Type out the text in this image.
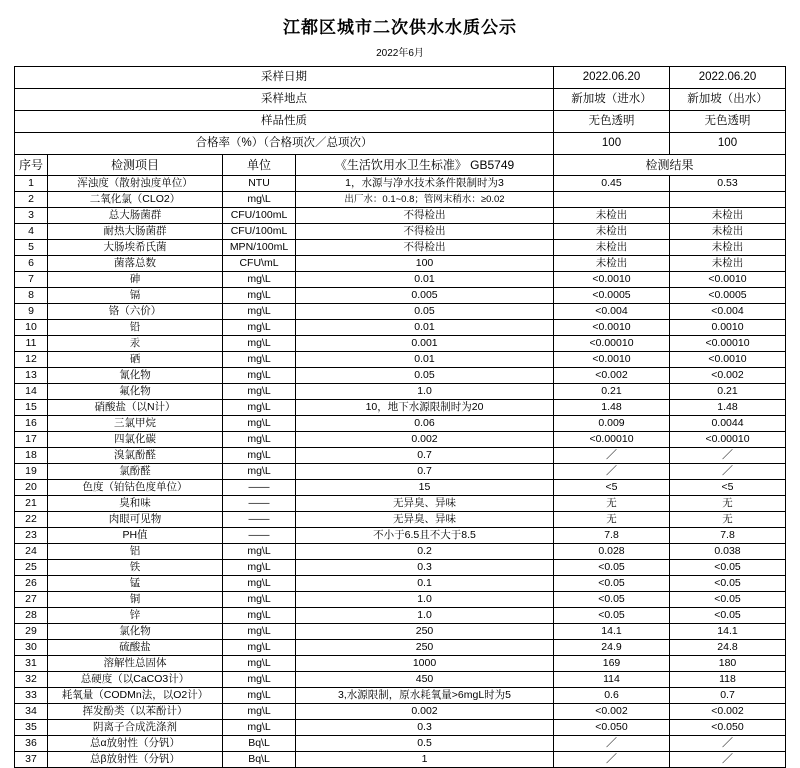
江都区城市二次供水水质公示
2022年6月
采样日期				2022.06.20	2022.06.20
采样地点				新加坡（进水）	新加坡（出水）
样品性质				无色透明	无色透明
合格率（%）（合格项次／总项次）				100	100
序号	检测项目	单位	《生活饮用水卫生标准》 GB5749	检测结果	
1	浑浊度（散射浊度单位）	NTU	1，水源与净水技术条件限制时为3	0.45	0.53
2	二氧化氯（CLO2）	mg\L	出厂水：0.1~0.8；管网末稍水：≥0.02		
3	总大肠菌群	CFU/100mL	不得检出	未检出	未检出
4	耐热大肠菌群	CFU/100mL	不得检出	未检出	未检出
5	大肠埃希氏菌	MPN/100mL	不得检出	未检出	未检出
6	菌落总数	CFU\mL	100	未检出	未检出
7	砷	mg\L	0.01	<0.0010	<0.0010
8	镉	mg\L	0.005	<0.0005	<0.0005
9	铬（六价）	mg\L	0.05	<0.004	<0.004
10	铅	mg\L	0.01	<0.0010	0.0010
11	汞	mg\L	0.001	<0.00010	<0.00010
12	硒	mg\L	0.01	<0.0010	<0.0010
13	氰化物	mg\L	0.05	<0.002	<0.002
14	氟化物	mg\L	1.0	0.21	0.21
15	硝酸盐（以N计）	mg\L	10，地下水源限制时为20	1.48	1.48
16	三氯甲烷	mg\L	0.06	0.009	0.0044
17	四氯化碳	mg\L	0.002	<0.00010	<0.00010
18	溴氯酚醛	mg\L	0.7	／	／
19	氯酚醛	mg\L	0.7	／	／
20	色度（铂钴色度单位）	——	15	<5	<5
21	臭和味	——	无异臭、异味	无	无
22	肉眼可见物	——	无异臭、异味	无	无
23	PH值	——	不小于6.5且不大于8.5	7.8	7.8
24	铝	mg\L	0.2	0.028	0.038
25	铁	mg\L	0.3	<0.05	<0.05
26	锰	mg\L	0.1	<0.05	<0.05
27	铜	mg\L	1.0	<0.05	<0.05
28	锌	mg\L	1.0	<0.05	<0.05
29	氯化物	mg\L	250	14.1	14.1
30	硫酸盐	mg\L	250	24.9	24.8
31	溶解性总固体	mg\L	1000	169	180
32	总硬度（以CaCO3计）	mg\L	450	114	118
33	耗氧量（CODMn法，以O2计）	mg\L	3,水源限制，原水耗氧量>6mgL时为5	0.6	0.7
34	挥发酚类（以苯酚计）	mg\L	0.002	<0.002	<0.002
35	阴离子合成洗涤剂	mg\L	0.3	<0.050	<0.050
36	总α放射性（分钒）	Bq\L	0.5	／	／
37	总β放射性（分钒）	Bq\L	1	／	／
